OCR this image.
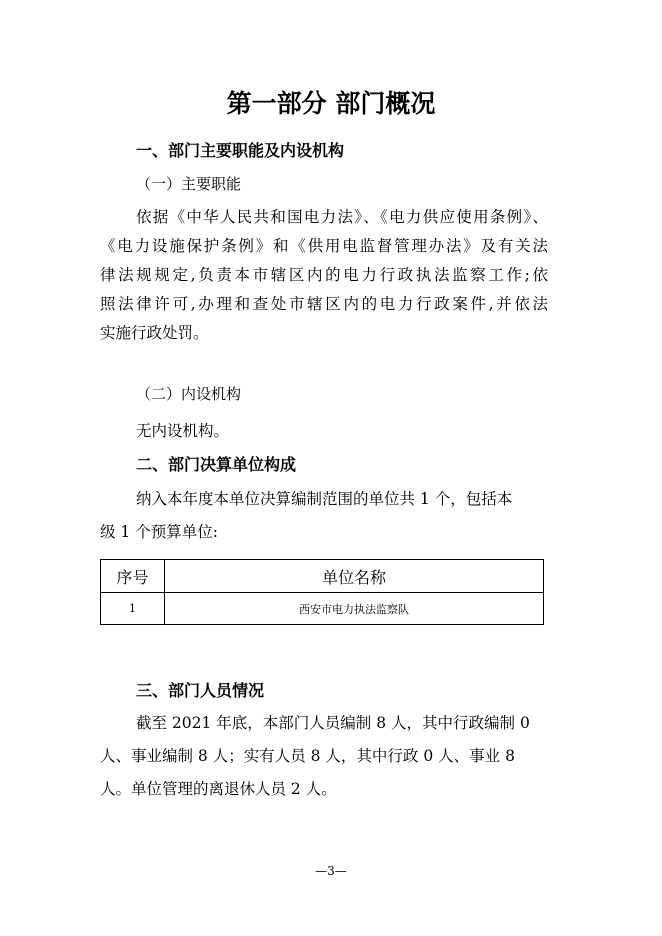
第一部分 部门概况
一、部门主要职能及内设机构
（一）主要职能
依据《中华人民共和国电力法》、《电力供应使用条例》、
《电力设施保护条例》和《供用电监督管理办法》及有关法
律法规规定,负责本市辖区内的电力行政执法监察工作;依
照法律许可,办理和查处市辖区内的电力行政案件,并依法
实施行政处罚。
（二）内设机构
无内设机构。
二、部门决算单位构成
纳入本年度本单位决算编制范围的单位共 1 个，包括本
级 1 个预算单位:
序号	单位名称
1	西安市电力执法监察队
三、部门人员情况
截至 2021 年底，本部门人员编制 8 人，其中行政编制 0
人、事业编制 8 人；实有人员 8 人，其中行政 0 人、事业 8
人。单位管理的离退休人员 2 人。
—3—
